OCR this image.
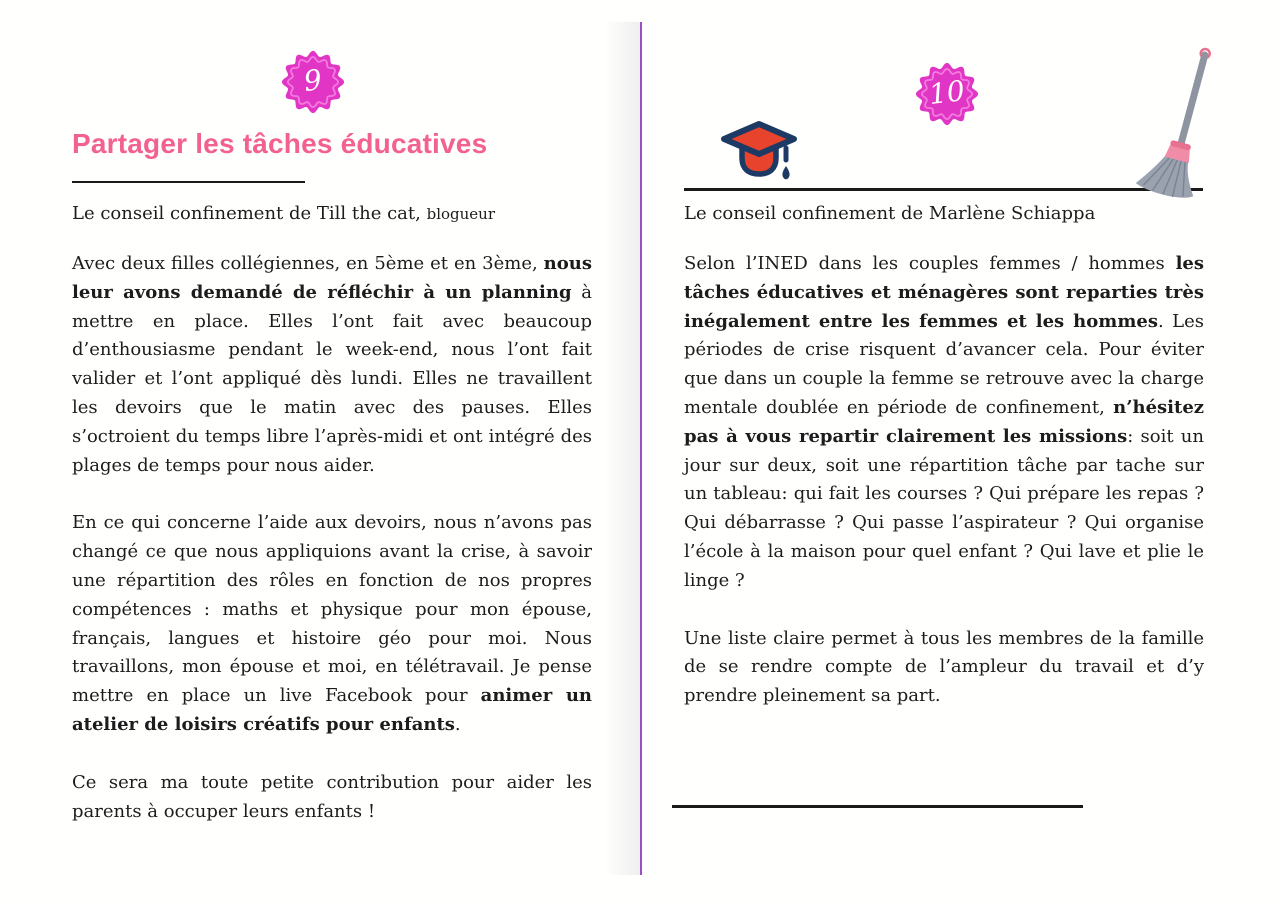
9
Partager les tâches éducatives

Le conseil confinement de Till the cat, blogueur

Avec deux filles collégiennes, en 5ème et en 3ème, nous leur avons demandé de réfléchir à un planning à mettre en place. Elles l’ont fait avec beaucoup d’enthousiasme pendant le week-end, nous l’ont fait valider et l’ont appliqué dès lundi. Elles ne travaillent les devoirs que le matin avec des pauses. Elles s’octroient du temps libre l’après-midi et ont intégré des plages de temps pour nous aider.

En ce qui concerne l’aide aux devoirs, nous n’avons pas changé ce que nous appliquions avant la crise, à savoir une répartition des rôles en fonction de nos propres compétences : maths et physique pour mon épouse, français, langues et histoire géo pour moi. Nous travaillons, mon épouse et moi, en télétravail. Je pense mettre en place un live Facebook pour animer un atelier de loisirs créatifs pour enfants.

Ce sera ma toute petite contribution pour aider les parents à occuper leurs enfants !

10

Le conseil confinement de Marlène Schiappa

Selon l’INED dans les couples femmes / hommes les tâches éducatives et ménagères sont reparties très inégalement entre les femmes et les hommes. Les périodes de crise risquent d’avancer cela. Pour éviter que dans un couple la femme se retrouve avec la charge mentale doublée en période de confinement, n’hésitez pas à vous repartir clairement les missions: soit un jour sur deux, soit une répartition tâche par tache sur un tableau: qui fait les courses ? Qui prépare les repas ? Qui débarrasse ? Qui passe l’aspirateur ? Qui organise l’école à la maison pour quel enfant ? Qui lave et plie le linge ?

Une liste claire permet à tous les membres de la famille de se rendre compte de l’ampleur du travail et d’y prendre pleinement sa part.
